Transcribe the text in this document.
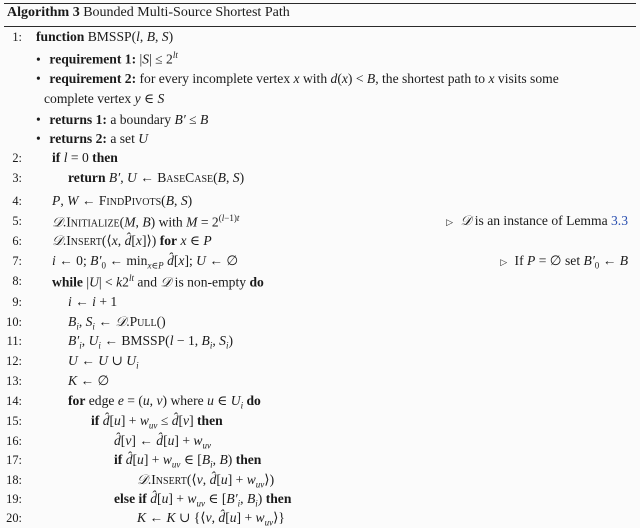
Algorithm 3 Bounded Multi-Source Shortest Path
1: function BMSSP(l, B, S)
• requirement 1: $|S| \le 2^{lt}$
• requirement 2: for every incomplete vertex x with d(x) < B, the shortest path to x visits some
complete vertex y ∈ S
• returns 1: a boundary B′ ≤ B
• returns 2: a set U
2: if l = 0 then
3:	return B′, U ← BaseCase(B, S)
4: P, W ← FindPivots(B, S)
5: 𝒟.Initialize(M, B) with $M = 2^{(l-1)t}$	▷ 𝒟 is an instance of Lemma 3.3
6: 𝒟.Insert(⟨x, d̂[x]⟩) for x ∈ P
7: i ← 0; $B'_0$ ← $\min_{x\in P}$ d̂[x]; U ← ∅	▷ If P = ∅ set $B'_0$ ← B
8: while $|U| < k2^{lt}$ and 𝒟 is non-empty do
9:	i ← i + 1
10:	$B_i$, $S_i$ ← 𝒟.Pull()
11:	$B'_i$, $U_i$ ← BMSSP(l − 1, $B_i$, $S_i$)
12:	U ← U ∪ $U_i$
13:	K ← ∅
14:	for edge e = (u, v) where u ∈ $U_i$ do
15:	if d̂[u] + $w_{uv}$ ≤ d̂[v] then
16:	d̂[v] ← d̂[u] + $w_{uv}$
17:	if d̂[u] + $w_{uv}$ ∈ [$B_i$, B) then
18:	𝒟.Insert(⟨v, d̂[u] + $w_{uv}⟩$)
19:	else if d̂[u] + $w_{uv}$ ∈ [$B'_i$, $B_i$) then
20:	K ← K ∪ {⟨v, d̂[u] + $w_{uv}⟩$}
